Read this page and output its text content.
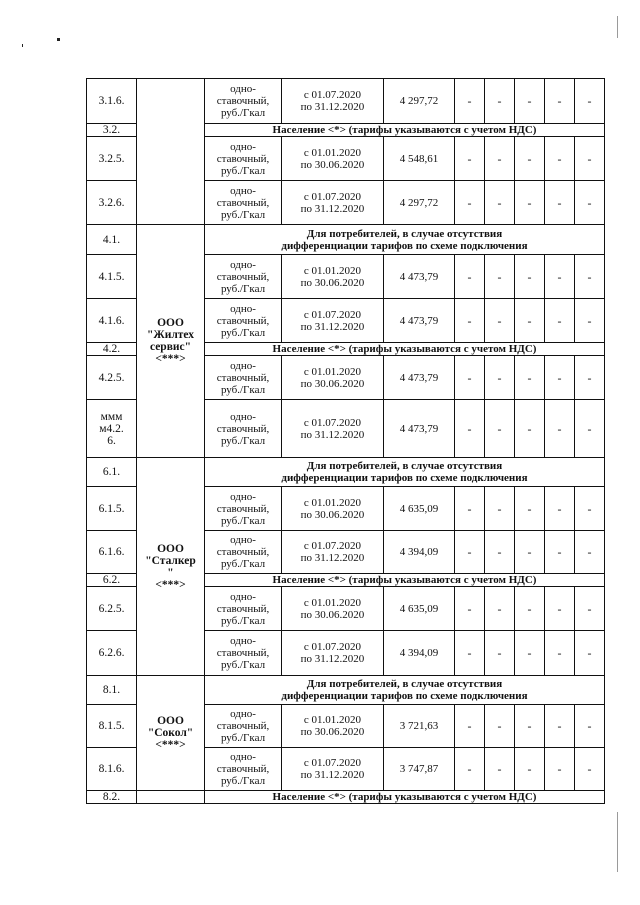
3.1.6.		одно-
ставочный,
руб./Гкал	с 01.07.2020
по 31.12.2020	4 297,72	-	-	-	-	-
3.2.		Население <*> (тарифы указываются с учетом НДС)							
3.2.5.		одно-
ставочный,
руб./Гкал	с 01.01.2020
по 30.06.2020	4 548,61	-	-	-	-	-
3.2.6.		одно-
ставочный,
руб./Гкал	с 01.07.2020
по 31.12.2020	4 297,72	-	-	-	-	-
4.1.	ООО
"Жилтех
сервис"
<***>	Для потребителей, в случае отсутствия
дифференциации тарифов по схеме подключения							
4.1.5.		одно-
ставочный,
руб./Гкал	с 01.01.2020
по 30.06.2020	4 473,79	-	-	-	-	-
4.1.6.		одно-
ставочный,
руб./Гкал	с 01.07.2020
по 31.12.2020	4 473,79	-	-	-	-	-
4.2.		Население <*> (тарифы указываются с учетом НДС)							
4.2.5.		одно-
ставочный,
руб./Гкал	с 01.01.2020
по 30.06.2020	4 473,79	-	-	-	-	-
ммм
м4.2.
6.		одно-
ставочный,
руб./Гкал	с 01.07.2020
по 31.12.2020	4 473,79	-	-	-	-	-
6.1.	ООО
"Сталкер
"
<***>	Для потребителей, в случае отсутствия
дифференциации тарифов по схеме подключения							
6.1.5.		одно-
ставочный,
руб./Гкал	с 01.01.2020
по 30.06.2020	4 635,09	-	-	-	-	-
6.1.6.		одно-
ставочный,
руб./Гкал	с 01.07.2020
по 31.12.2020	4 394,09	-	-	-	-	-
6.2.		Население <*> (тарифы указываются с учетом НДС)							
6.2.5.		одно-
ставочный,
руб./Гкал	с 01.01.2020
по 30.06.2020	4 635,09	-	-	-	-	-
6.2.6.		одно-
ставочный,
руб./Гкал	с 01.07.2020
по 31.12.2020	4 394,09	-	-	-	-	-
8.1.	ООО
"Сокол"
<***>	Для потребителей, в случае отсутствия
дифференциации тарифов по схеме подключения							
8.1.5.		одно-
ставочный,
руб./Гкал	с 01.01.2020
по 30.06.2020	3 721,63	-	-	-	-	-
8.1.6.		одно-
ставочный,
руб./Гкал	с 01.07.2020
по 31.12.2020	3 747,87	-	-	-	-	-
8.2.		Население <*> (тарифы указываются с учетом НДС)							
